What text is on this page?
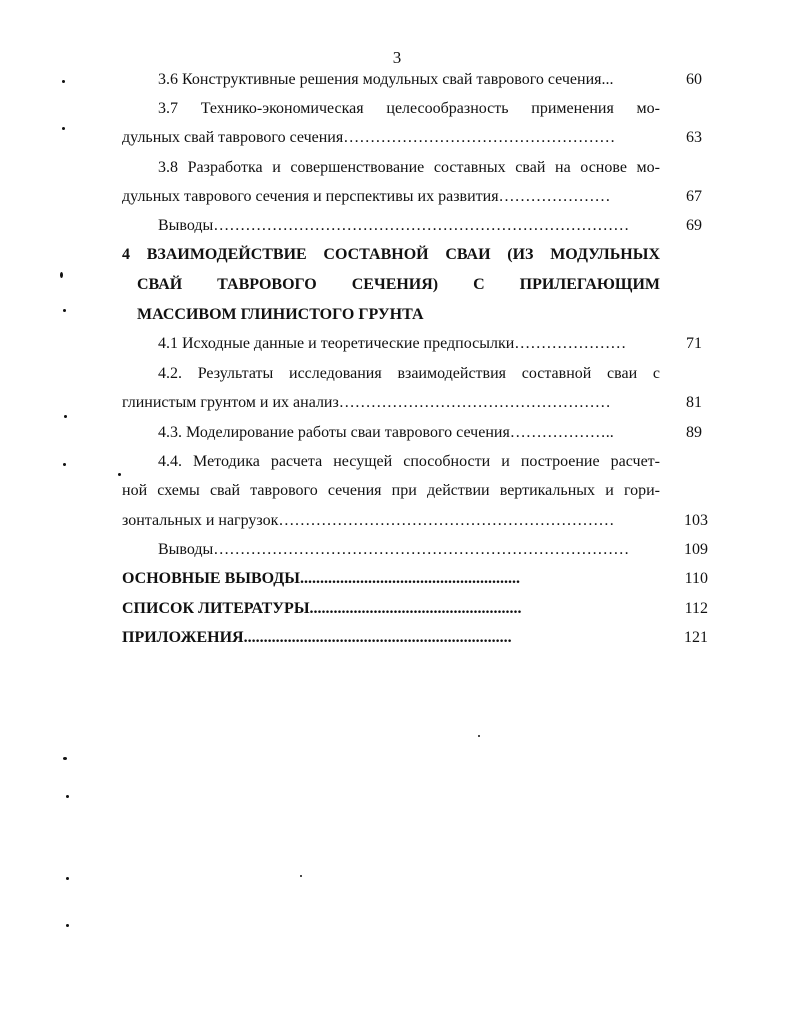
3
3.6 Конструктивные решения модульных свай таврового сечения...	60
3.7 Технико-экономическая целесообразность применения мо-
дульных свай таврового сечения……………………………………………	63
3.8 Разработка и совершенствование составных свай на основе мо-
дульных таврового сечения и перспективы их развития…………………	67
Выводы……………………………………………………………………	69
4 ВЗАИМОДЕЙСТВИЕ СОСТАВНОЙ СВАИ (ИЗ МОДУЛЬНЫХ
СВАЙ ТАВРОВОГО СЕЧЕНИЯ) С ПРИЛЕГАЮЩИМ
МАССИВОМ ГЛИНИСТОГО ГРУНТА
4.1 Исходные данные и теоретические предпосылки…………………	71
4.2. Результаты исследования взаимодействия составной сваи с
глинистым грунтом и их анализ……………………………………………	81
4.3. Моделирование работы сваи таврового сечения………………..	89
4.4. Методика расчета несущей способности и построение расчет-
ной схемы свай таврового сечения при действии вертикальных и гори-
зонтальных и нагрузок………………………………………………………	103
Выводы……………………………………………………………………	109
ОСНОВНЫЕ ВЫВОДЫ.......................................................	110
СПИСОК ЛИТЕРАТУРЫ.....................................................	112
ПРИЛОЖЕНИЯ...................................................................	121
